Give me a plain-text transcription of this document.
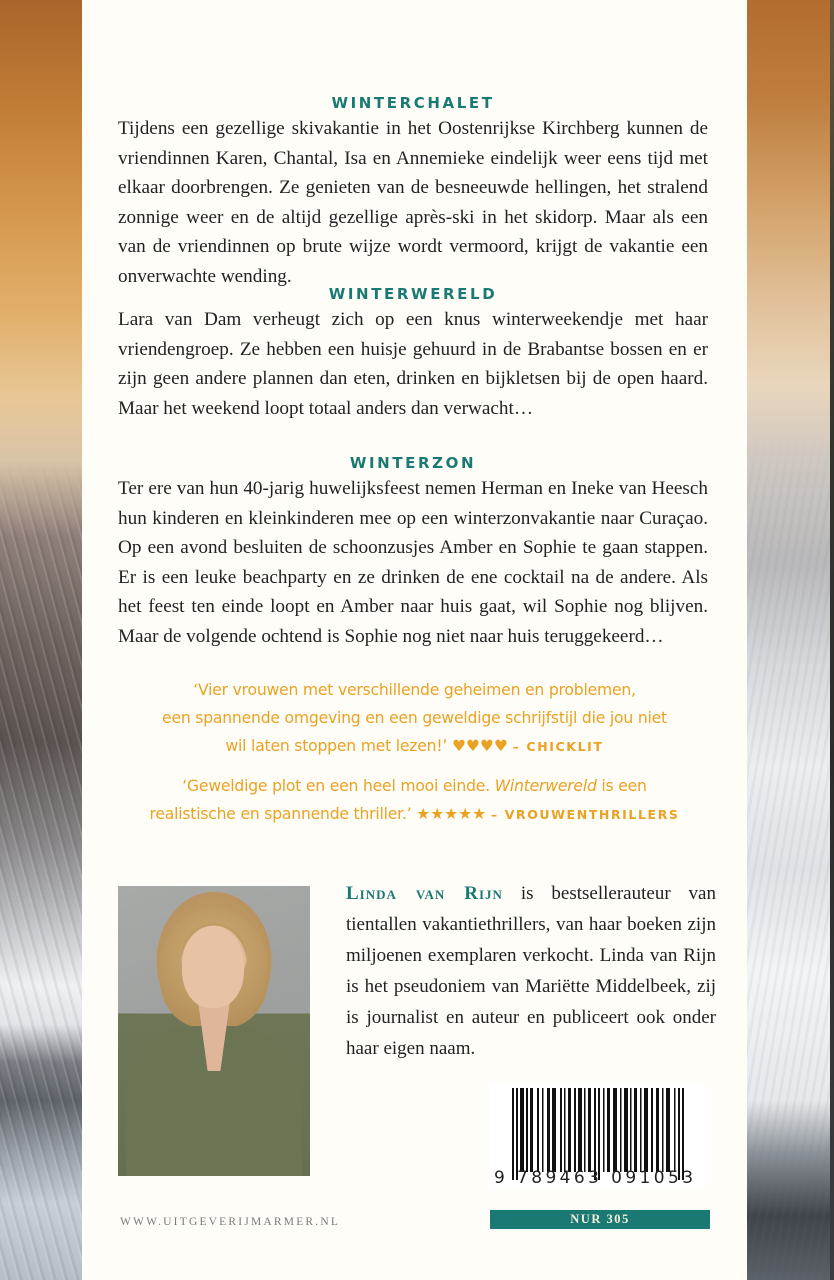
WINTERCHALET

Tijdens een gezellige skivakantie in het Oostenrijkse Kirchberg kunnen de vriendinnen Karen, Chantal, Isa en Annemieke eindelijk weer eens tijd met elkaar doorbrengen. Ze genieten van de besneeuwde hellingen, het stralend zonnige weer en de altijd gezellige après-ski in het skidorp. Maar als een van de vriendinnen op brute wijze wordt vermoord, krijgt de vakantie een onverwachte wending.

WINTERWERELD

Lara van Dam verheugt zich op een knus winterweekendje met haar vriendengroep. Ze hebben een huisje gehuurd in de Brabantse bossen en er zijn geen andere plannen dan eten, drinken en bijkletsen bij de open haard. Maar het weekend loopt totaal anders dan verwacht…

WINTERZON

Ter ere van hun 40-jarig huwelijksfeest nemen Herman en Ineke van Heesch hun kinderen en kleinkinderen mee op een winterzonvakantie naar Curaçao. Op een avond besluiten de schoonzusjes Amber en Sophie te gaan stappen. Er is een leuke beachparty en ze drinken de ene cocktail na de andere. Als het feest ten einde loopt en Amber naar huis gaat, wil Sophie nog blijven. Maar de volgende ochtend is Sophie nog niet naar huis teruggekeerd…

‘Vier vrouwen met verschillende geheimen en problemen,
een spannende omgeving en een geweldige schrijfstijl die jou niet
wil laten stoppen met lezen!’ ♥♥♥♥ – CHICKLIT

‘Geweldige plot en een heel mooi einde. Winterwereld is een
realistische en spannende thriller.’ ★★★★★ – VROUWENTHRILLERS

Linda van Rijn is bestsellerauteur van tientallen vakantiethrillers, van haar boeken zijn miljoenen exemplaren verkocht. Linda van Rijn is het pseudoniem van Mariëtte Middelbeek, zij is journalist en auteur en publiceert ook onder haar eigen naam.

9 789463 091053
NUR 305
WWW.UITGEVERIJMARMER.NL
